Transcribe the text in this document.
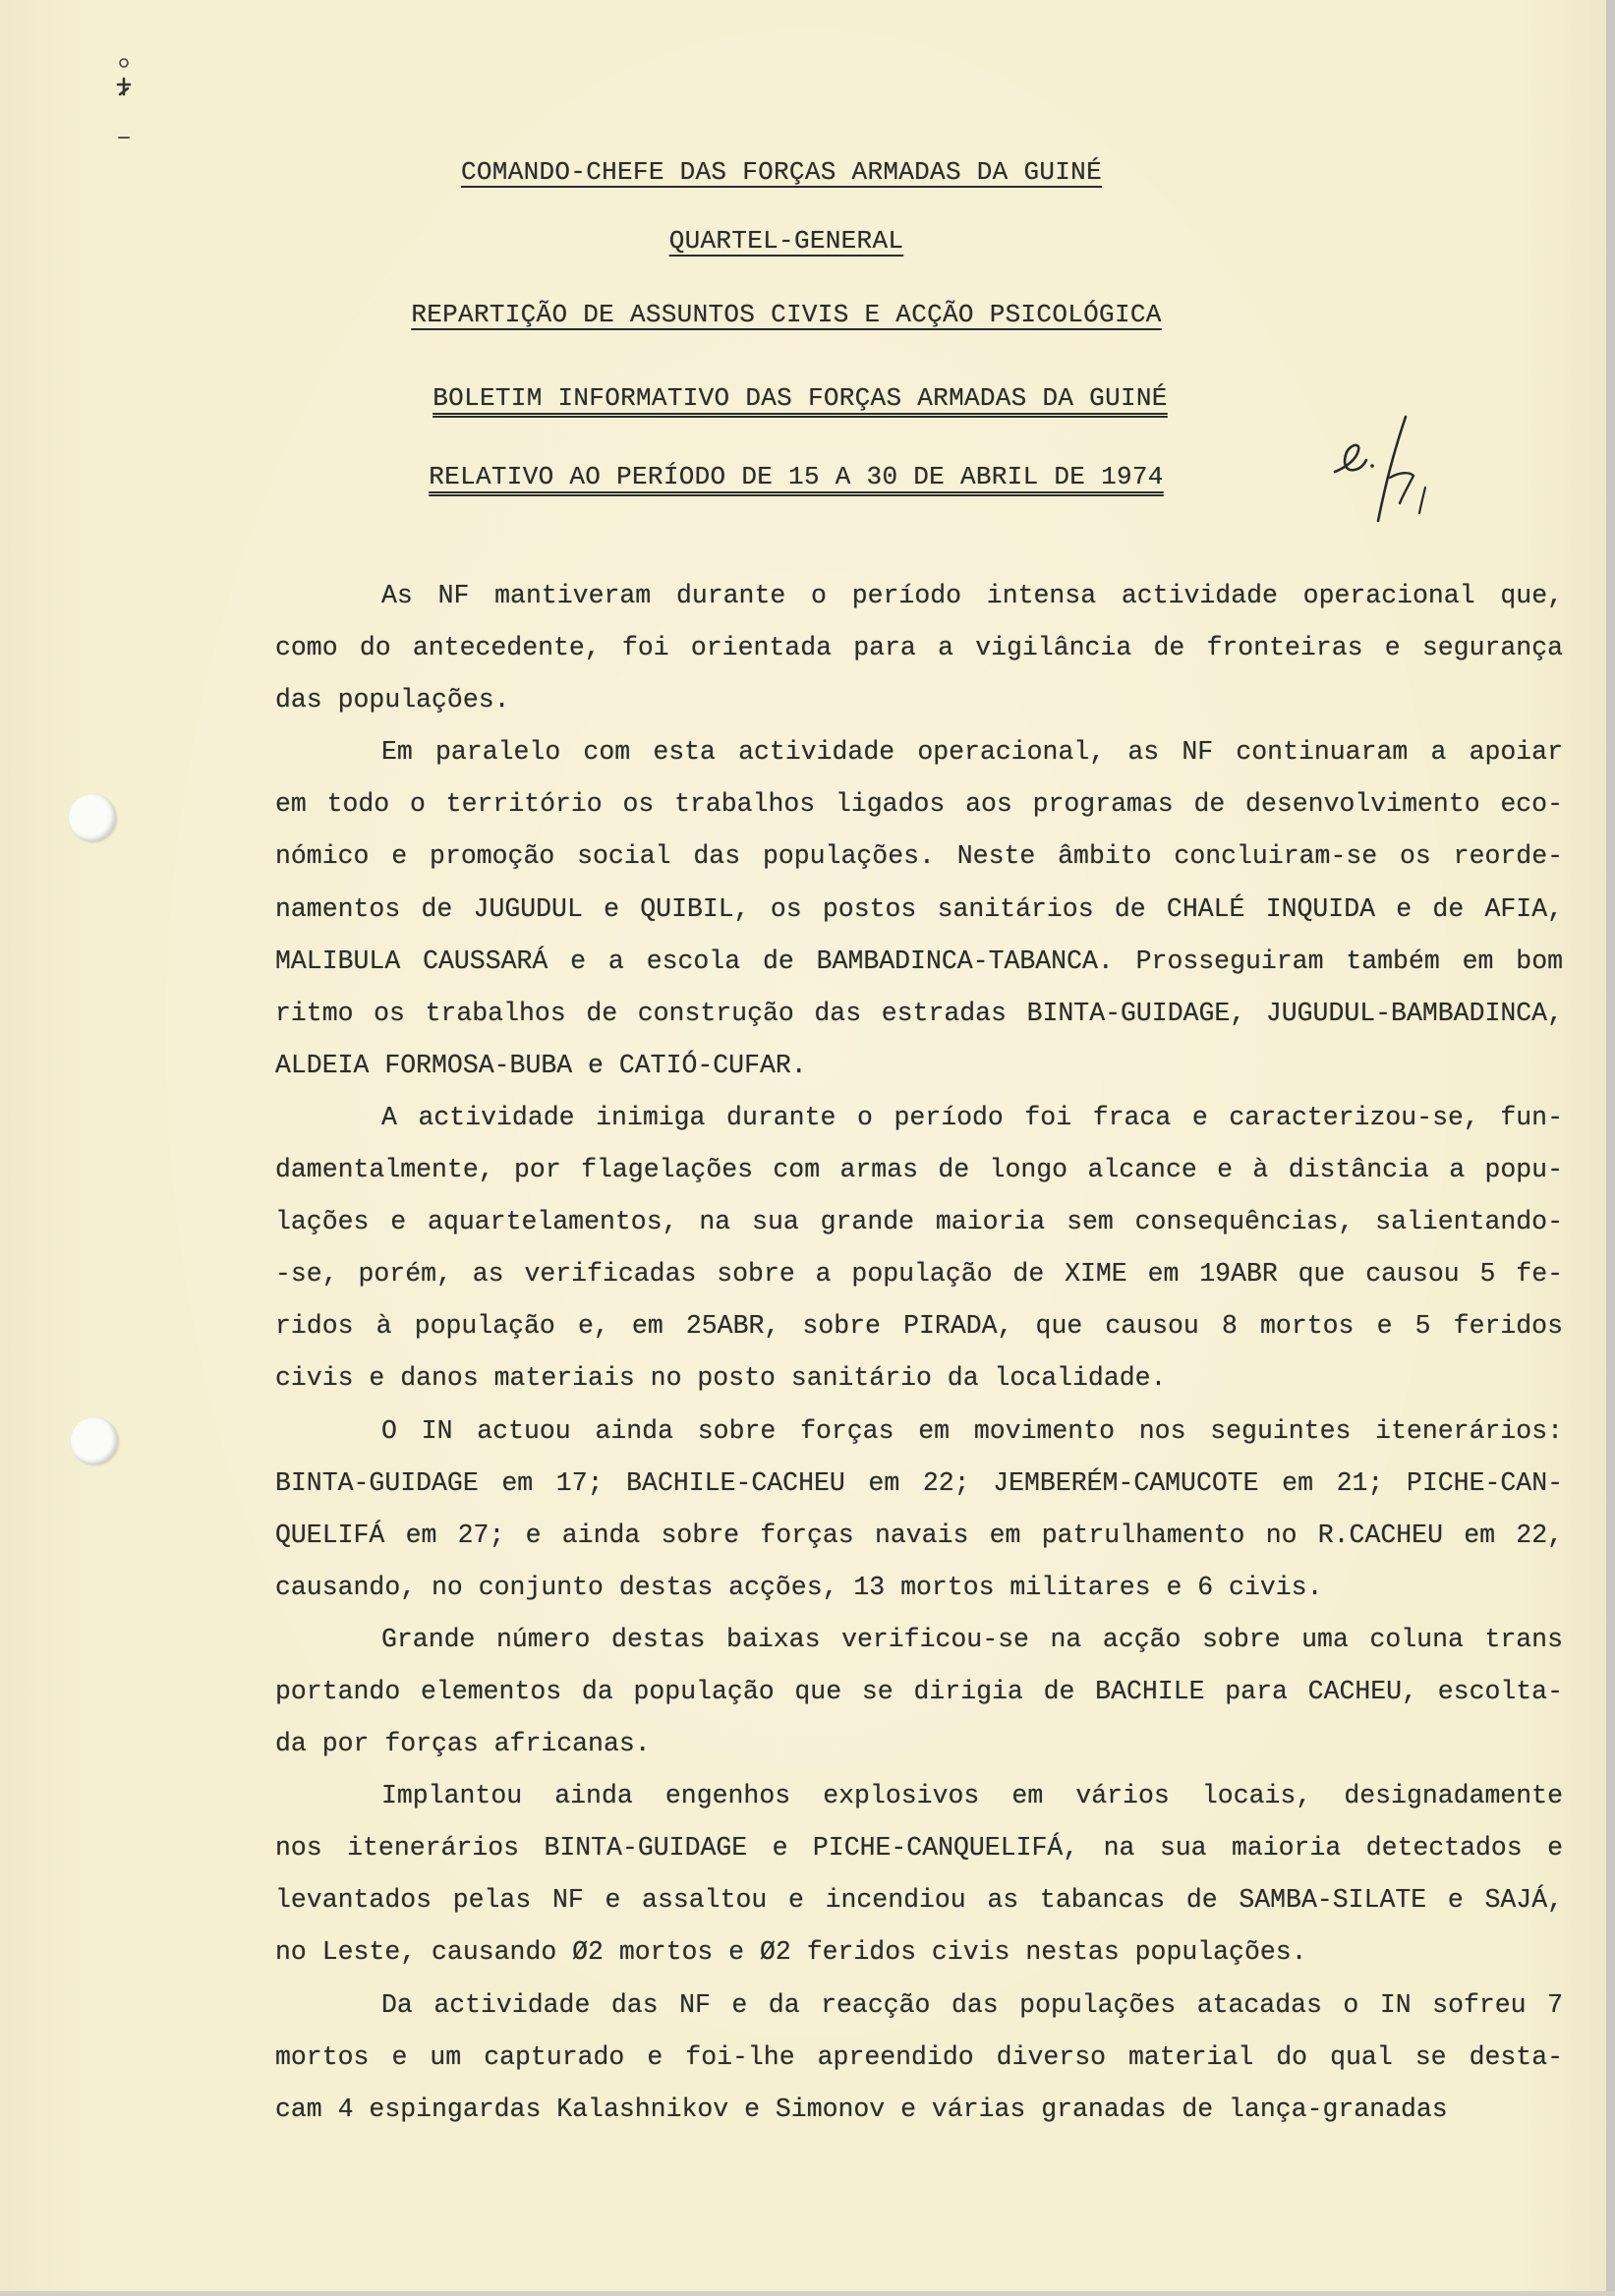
COMANDO-CHEFE DAS FORÇAS ARMADAS DA GUINÉ
QUARTEL-GENERAL
REPARTIÇÃO DE ASSUNTOS CIVIS E ACÇÃO PSICOLÓGICA
BOLETIM INFORMATIVO DAS FORÇAS ARMADAS DA GUINÉ
RELATIVO AO PERÍODO DE 15 A 30 DE ABRIL DE 1974
As NF mantiveram durante o período intensa actividade operacional que,
como do antecedente, foi orientada para a vigilância de fronteiras e segurança
das populações.
Em paralelo com esta actividade operacional, as NF continuaram a apoiar
em todo o território os trabalhos ligados aos programas de desenvolvimento eco-
nómico e promoção social das populações. Neste âmbito concluiram-se os reorde-
namentos de JUGUDUL e QUIBIL, os postos sanitários de CHALÉ INQUIDA e de AFIA,
MALIBULA CAUSSARÁ e a escola de BAMBADINCA-TABANCA. Prosseguiram também em bom
ritmo os trabalhos de construção das estradas BINTA-GUIDAGE, JUGUDUL-BAMBADINCA,
ALDEIA FORMOSA-BUBA e CATIÓ-CUFAR.
A actividade inimiga durante o período foi fraca e caracterizou-se, fun-
damentalmente, por flagelações com armas de longo alcance e à distância a popu-
lações e aquartelamentos, na sua grande maioria sem consequências, salientando-
-se, porém, as verificadas sobre a população de XIME em 19ABR que causou 5 fe-
ridos à população e, em 25ABR, sobre PIRADA, que causou 8 mortos e 5 feridos
civis e danos materiais no posto sanitário da localidade.
O IN actuou ainda sobre forças em movimento nos seguintes itenerários:
BINTA-GUIDAGE em 17; BACHILE-CACHEU em 22; JEMBERÉM-CAMUCOTE em 21; PICHE-CAN-
QUELIFÁ em 27; e ainda sobre forças navais em patrulhamento no R.CACHEU em 22,
causando, no conjunto destas acções, 13 mortos militares e 6 civis.
Grande número destas baixas verificou-se na acção sobre uma coluna trans
portando elementos da população que se dirigia de BACHILE para CACHEU, escolta-
da por forças africanas.
Implantou ainda engenhos explosivos em vários locais, designadamente
nos itenerários BINTA-GUIDAGE e PICHE-CANQUELIFÁ, na sua maioria detectados e
levantados pelas NF e assaltou e incendiou as tabancas de SAMBA-SILATE e SAJÁ,
no Leste, causando Ø2 mortos e Ø2 feridos civis nestas populações.
Da actividade das NF e da reacção das populações atacadas o IN sofreu 7
mortos e um capturado e foi-lhe apreendido diverso material do qual se desta-
cam 4 espingardas Kalashnikov e Simonov e várias granadas de lança-granadas
